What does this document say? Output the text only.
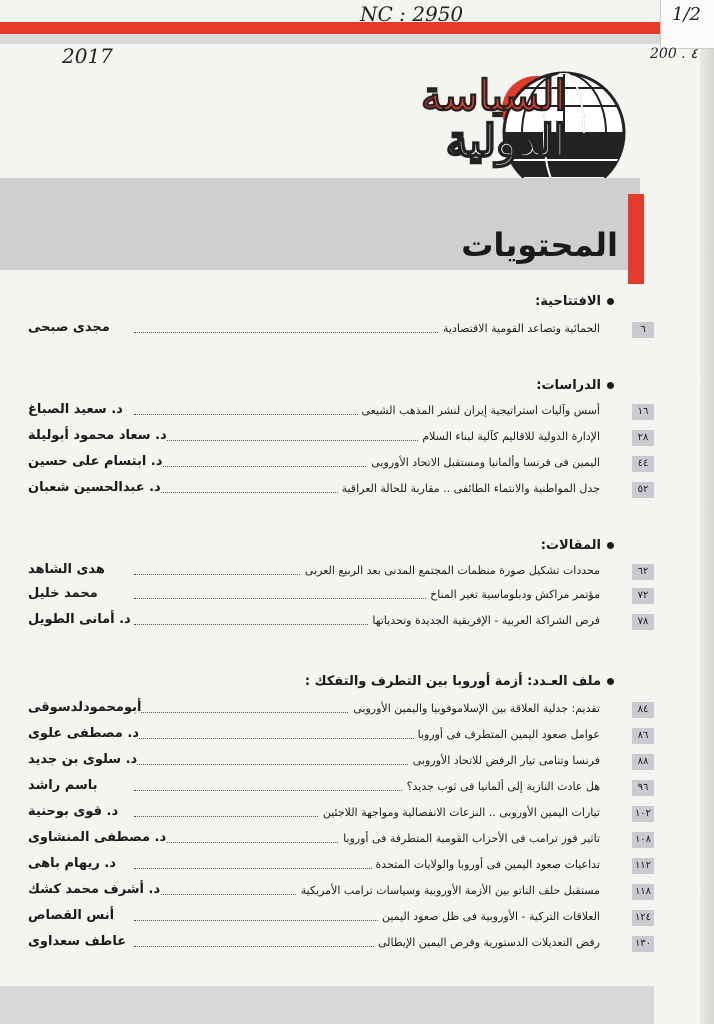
NC : 2950	1/2
2017	200 . ٤
السياسة
الدولية
المحتويات
الافتتاحية:
٦
الحمائية وتصاعد القومية الاقتصادية
مجدى صبحى
الدراسات:
١٦
أسس وآليات استراتيجية إيران لنشر المذهب الشيعى
د. سعيد الصباغ
٢٨
الإدارة الدولية للاقاليم كآلية لبناء السلام
د. سعاد محمود أبوليلة
٤٤
اليمين فى فرنسا وألمانيا ومستقبل الاتحاد الأوروبى
د. ابتسام على حسين
٥٢
جدل المواطنية والانتماء الطائفى .. مقاربة للحالة العراقية
د. عبدالحسين شعبان
المقالات:
٦٢
محددات تشكيل صورة منظمات المجتمع المدنى بعد الربيع العربى
هدى الشاهد
٧٢
مؤتمر مراكش ودبلوماسية تغير المناخ
محمد خليل
٧٨
فرص الشراكة العربية - الإفريقية الجديدة وتحدياتها
د. أمانى الطويل
ملف العـدد: أزمة أوروبا بين التطرف والتفكك :
٨٤
تقديم: جدلية العلاقة بين الإسلاموفوبيا واليمين الأوروبى
أبومحمودلدسوقى
٨٦
عوامل صعود اليمين المتطرف فى أوروبا
د. مصطفى علوى
٨٨
فرنسا وتنامى تيار الرفض للاتحاد الأوروبى
د. سلوى بن جديد
٩٦
هل عادت النازية إلى ألمانيا فى ثوب جديد؟
باسم راشد
١٠٢
تيارات اليمين الأوروبى .. النزعات الانفصالية ومواجهة اللاجئين
د. قوى بوحنية
١٠٨
تاثير فوز ترامب فى الأحزاب القومية المتطرفة فى أوروبا
د. مصطفى المنشاوى
١١٢
تداعيات صعود اليمين فى أوروبا والولايات المتحدة
د. ريهام باهى
١١٨
مستقبل حلف الناتو بين الأزمة الأوروبية وسياسات ترامب الأمريكية
د. أشرف محمد كشك
١٢٤
العلاقات التركية - الأوروبية فى ظل صعود اليمين
أنس القصاص
١٣٠
رفض التعديلات الدستورية وفرص اليمين الإيطالى
عاطف سعداوى
